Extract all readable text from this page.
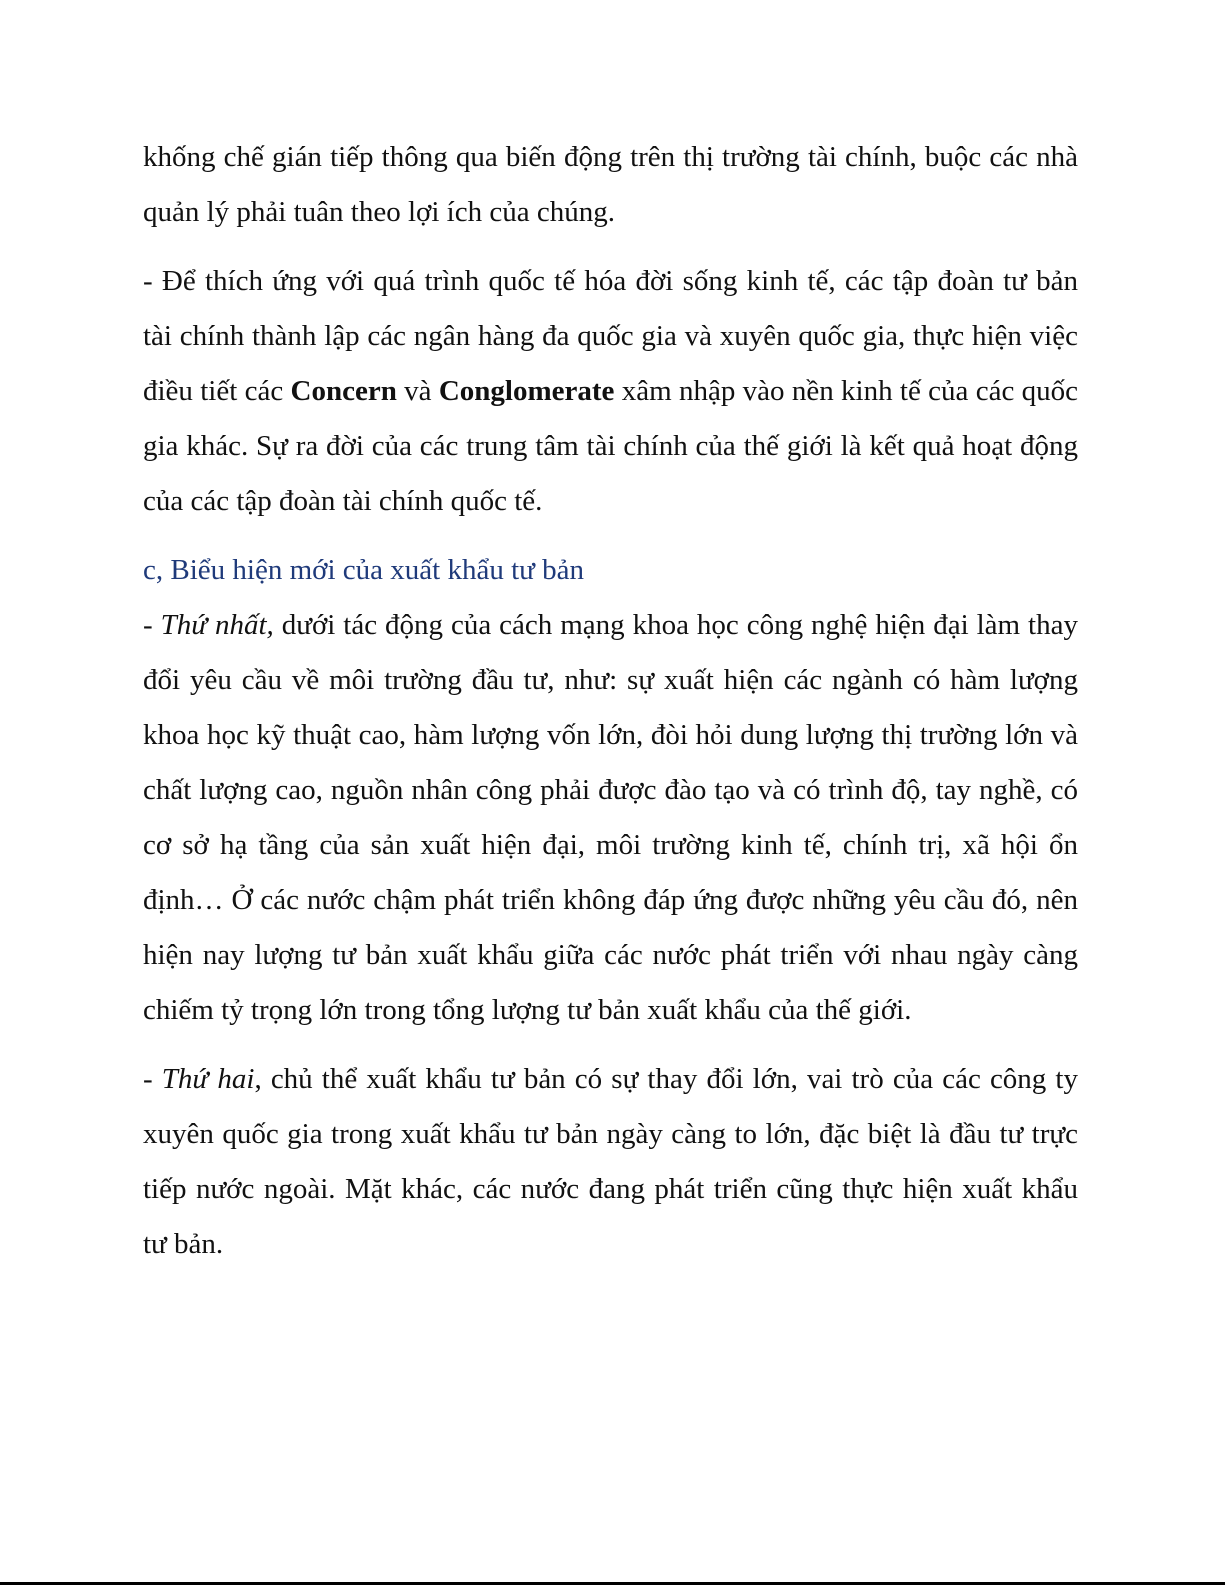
khống chế gián tiếp thông qua biến động trên thị trường tài chính, buộc các nhà quản lý phải tuân theo lợi ích của chúng.

- Để thích ứng với quá trình quốc tế hóa đời sống kinh tế, các tập đoàn tư bản tài chính thành lập các ngân hàng đa quốc gia và xuyên quốc gia, thực hiện việc điều tiết các Concern và Conglomerate xâm nhập vào nền kinh tế của các quốc gia khác. Sự ra đời của các trung tâm tài chính của thế giới là kết quả hoạt động của các tập đoàn tài chính quốc tế.

c, Biểu hiện mới của xuất khẩu tư bản

- Thứ nhất, dưới tác động của cách mạng khoa học công nghệ hiện đại làm thay đổi yêu cầu về môi trường đầu tư, như: sự xuất hiện các ngành có hàm lượng khoa học kỹ thuật cao, hàm lượng vốn lớn, đòi hỏi dung lượng thị trường lớn và chất lượng cao, nguồn nhân công phải được đào tạo và có trình độ, tay nghề, có cơ sở hạ tầng của sản xuất hiện đại, môi trường kinh tế, chính trị, xã hội ổn định… Ở các nước chậm phát triển không đáp ứng được những yêu cầu đó, nên hiện nay lượng tư bản xuất khẩu giữa các nước phát triển với nhau ngày càng chiếm tỷ trọng lớn trong tổng lượng tư bản xuất khẩu của thế giới.

- Thứ hai, chủ thể xuất khẩu tư bản có sự thay đổi lớn, vai trò của các công ty xuyên quốc gia trong xuất khẩu tư bản ngày càng to lớn, đặc biệt là đầu tư trực tiếp nước ngoài. Mặt khác, các nước đang phát triển cũng thực hiện xuất khẩu tư bản.
